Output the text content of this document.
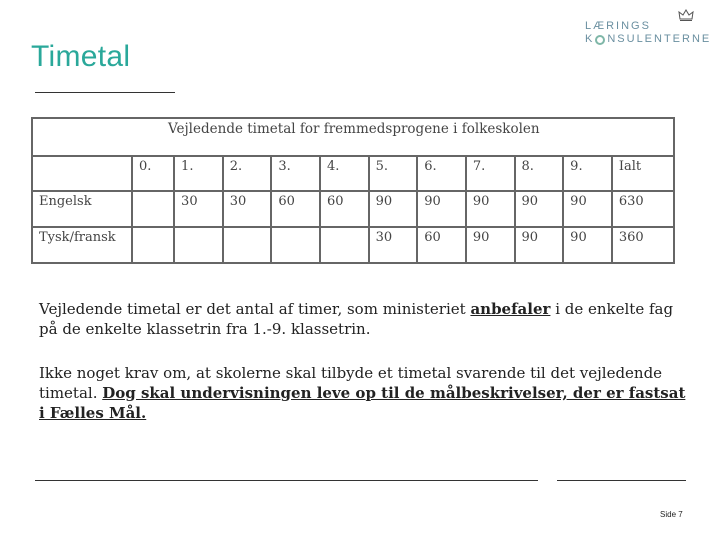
Timetal
LÆRINGS
K NSULENTERNE
Vejledende timetal for fremmedsprogene i folkeskolen											
	0.	1.	2.	3.	4.	5.	6.	7.	8.	9.	Ialt
Engelsk		30	30	60	60	90	90	90	90	90	630
Tysk/fransk						30	60	90	90	90	360
Vejledende timetal er det antal af timer, som ministeriet anbefaler i de enkelte fag på de enkelte klassetrin fra 1.-9. klassetrin.
Ikke noget krav om, at skolerne skal tilbyde et timetal svarende til det vejledende timetal. Dog skal undervisningen leve op til de målbeskrivelser, der er fastsat i Fælles Mål.
Side 7
